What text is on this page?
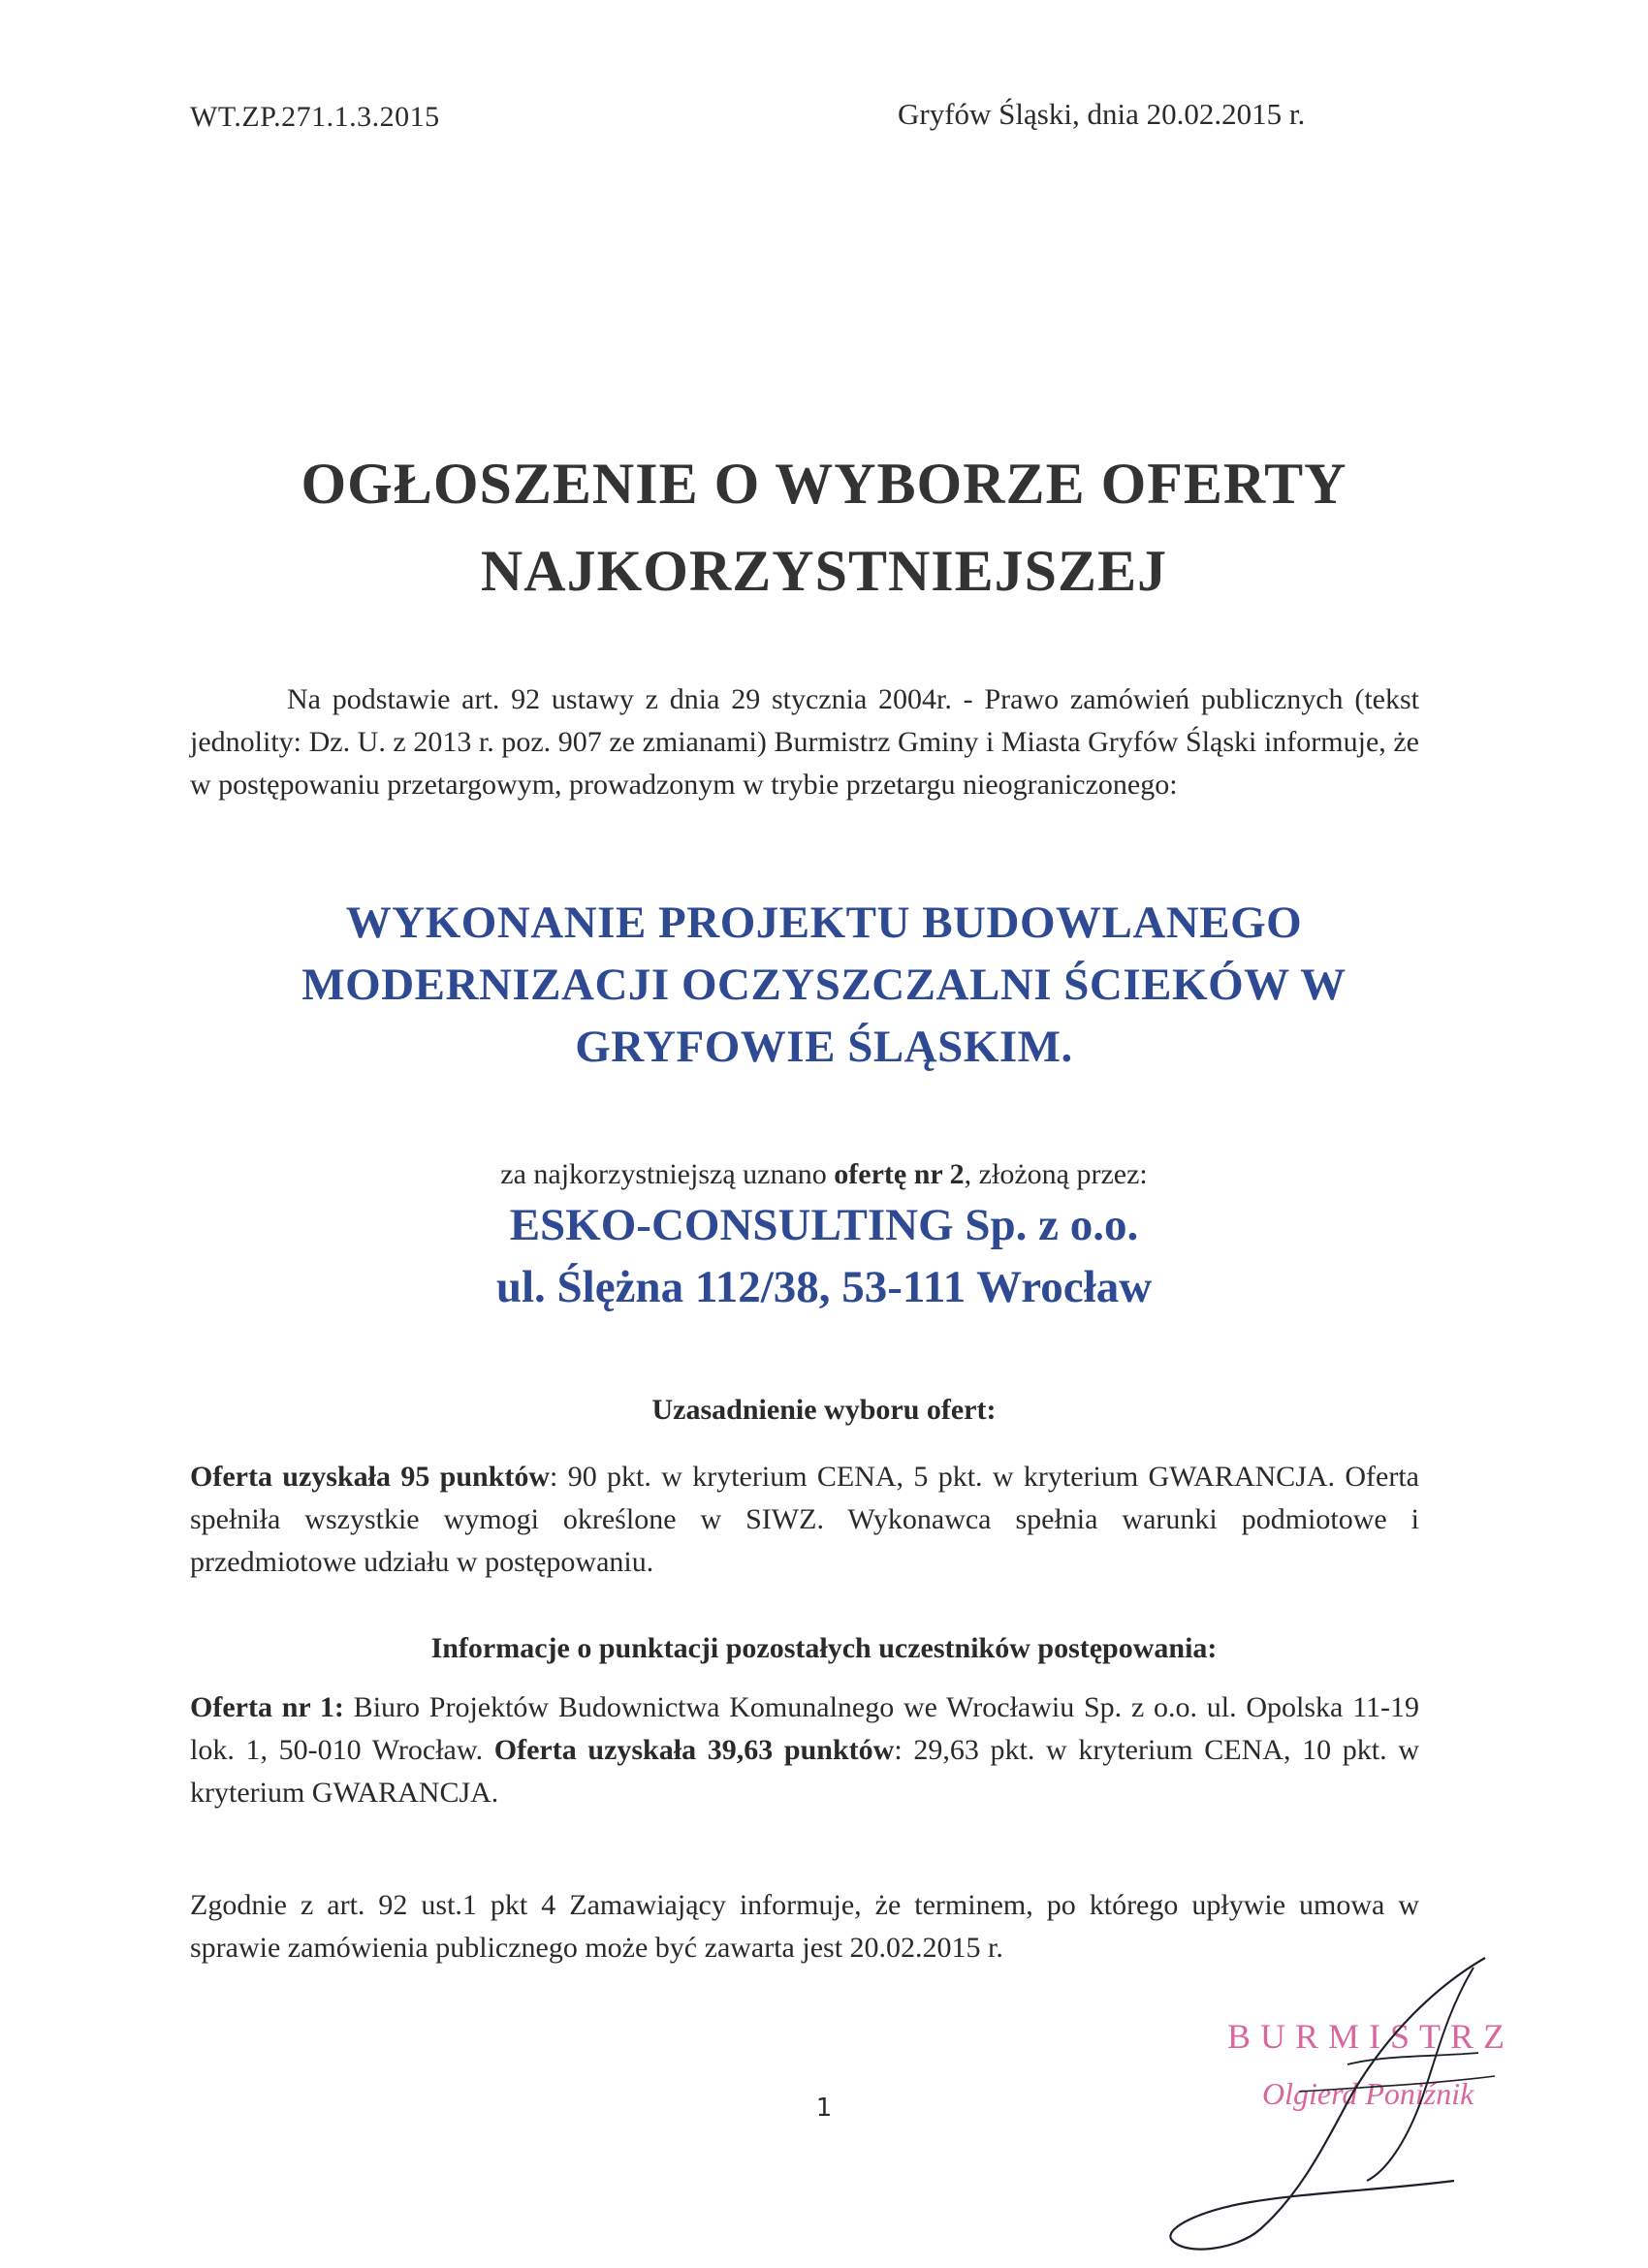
WT.ZP.271.1.3.2015	Gryfów Śląski, dnia 20.02.2015 r.
OGŁOSZENIE O WYBORZE OFERTY
NAJKORZYSTNIEJSZEJ
Na podstawie art. 92 ustawy z dnia 29 stycznia 2004r. - Prawo zamówień publicznych (tekst jednolity: Dz. U. z 2013 r. poz. 907 ze zmianami) Burmistrz Gminy i Miasta Gryfów Śląski informuje, że w postępowaniu przetargowym, prowadzonym w trybie przetargu nieograniczonego:
WYKONANIE PROJEKTU BUDOWLANEGO
MODERNIZACJI OCZYSZCZALNI ŚCIEKÓW W
GRYFOWIE ŚLĄSKIM.
za najkorzystniejszą uznano ofertę nr 2, złożoną przez:
ESKO-CONSULTING Sp. z o.o.
ul. Ślężna 112/38, 53-111 Wrocław
Uzasadnienie wyboru ofert:
Oferta uzyskała 95 punktów: 90 pkt. w kryterium CENA, 5 pkt. w kryterium GWARANCJA. Oferta spełniła wszystkie wymogi określone w SIWZ. Wykonawca spełnia warunki podmiotowe i przedmiotowe udziału w postępowaniu.
Informacje o punktacji pozostałych uczestników postępowania:
Oferta nr 1: Biuro Projektów Budownictwa Komunalnego we Wrocławiu Sp. z o.o. ul. Opolska 11-19 lok. 1, 50-010 Wrocław. Oferta uzyskała 39,63 punktów: 29,63 pkt. w kryterium CENA, 10 pkt. w kryterium GWARANCJA.
Zgodnie z art. 92 ust.1 pkt 4 Zamawiający informuje, że terminem, po którego upływie umowa w sprawie zamówienia publicznego może być zawarta jest 20.02.2015 r.
1
BURMISTRZ
Olgierd Poniźnik
